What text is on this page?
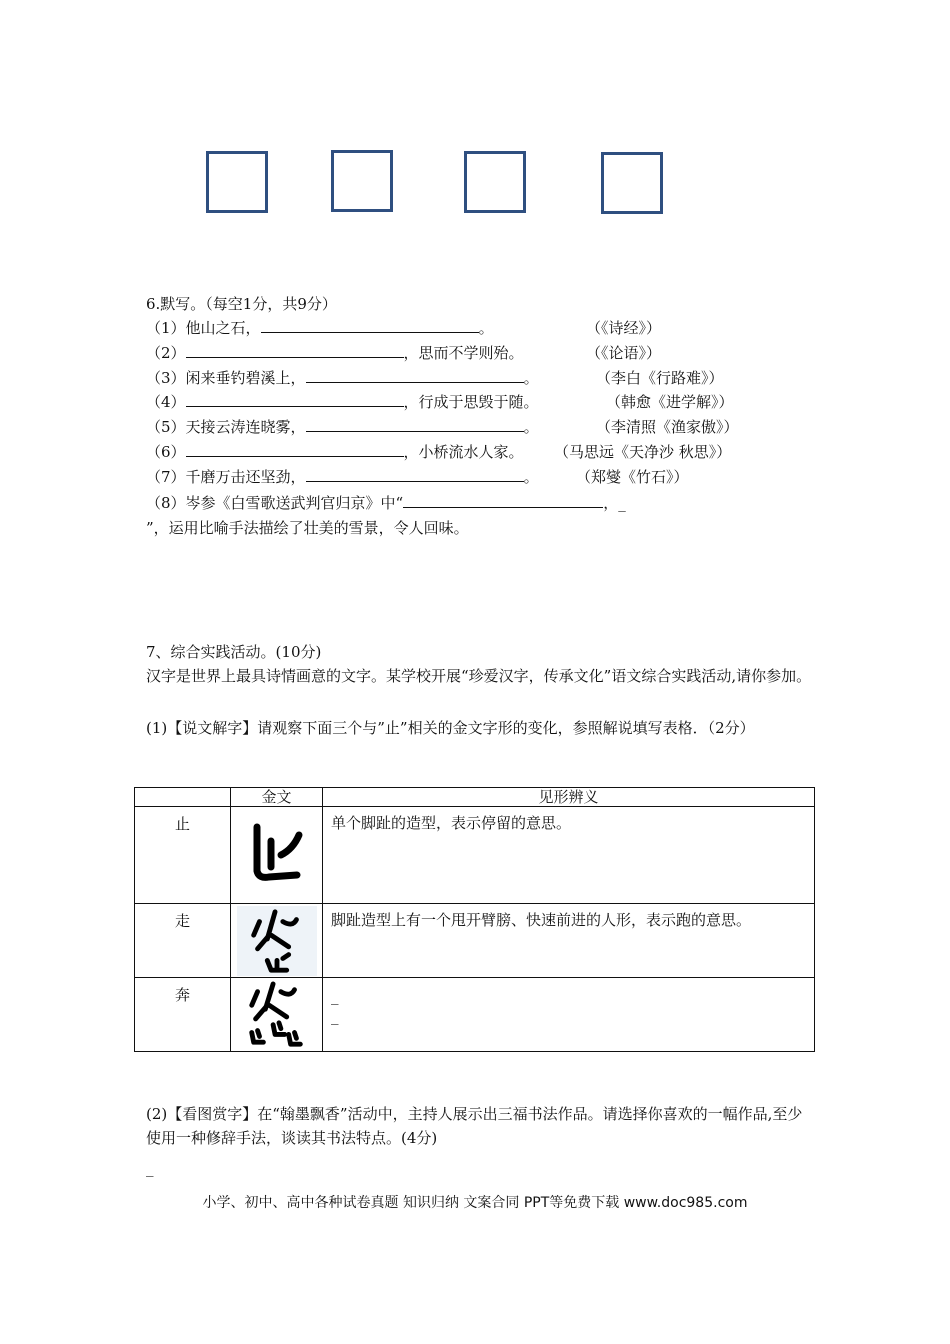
6.默写。（每空1分，共9分）
（1）他山之石，	。	（《诗经》）
（2）	，思而不学则殆。	（《论语》）
（3）闲来垂钓碧溪上，	。	（李白《行路难》）
（4）	，行成于思毁于随。	（韩愈《进学解》）
（5）天接云涛连晓雾，	。	（李清照《渔家傲》）
（6）	，小桥流水人家。 （马思远《天净沙 秋思》）
（7）千磨万击还坚劲，	。 （郑燮《竹石》）
（8）岑参《白雪歌送武判官归京》中“	，_
”，运用比喻手法描绘了壮美的雪景，令人回味。
7、综合实践活动。(10分)
汉字是世界上最具诗情画意的文字。某学校开展“珍爱汉字，传承文化”语文综合实践活动,请你参加。
(1)【说文解字】请观察下面三个与”止”相关的金文字形的变化，参照解说填写表格．（2分）
	金文	见形辨义
止		单个脚趾的造型，表示停留的意思。
走		脚趾造型上有一个甩开臂膀、快速前进的人形，表示跑的意思。
奔		_
_
(2)【看图赏字】在“翰墨飘香”活动中，主持人展示出三福书法作品。请选择你喜欢的一幅作品,至少使用一种修辞手法，谈读其书法特点。(4分)
_
小学、初中、高中各种试卷真题 知识归纳 文案合同 PPT等免费下载 www.doc985.com
